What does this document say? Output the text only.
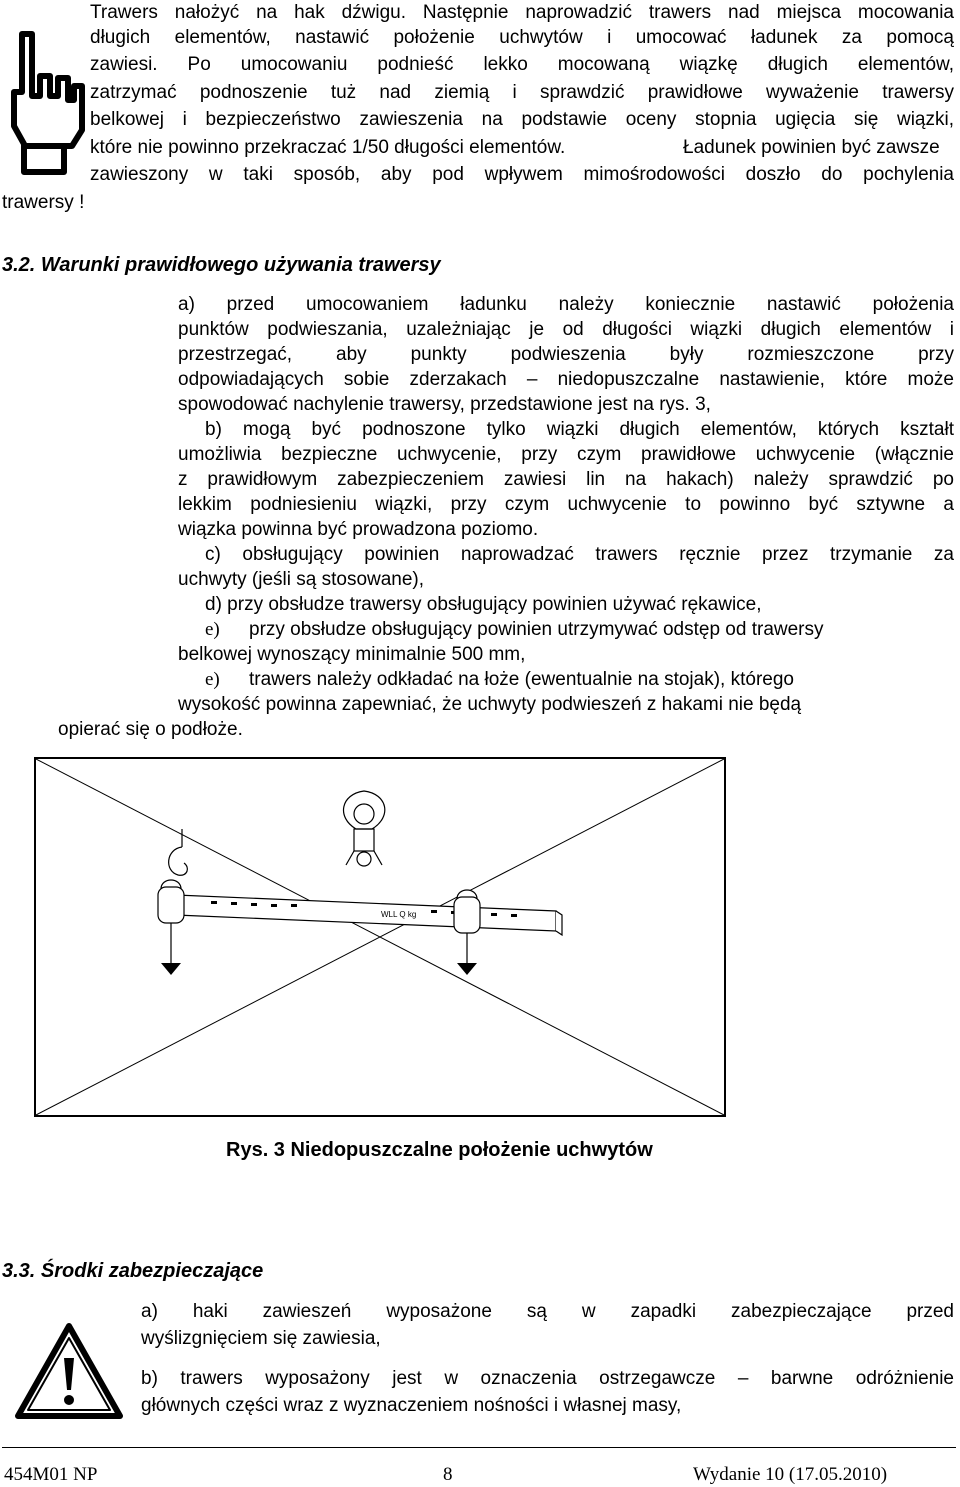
Trawers nałożyć na hak dźwigu. Następnie naprowadzić trawers nad miejsca mocowania
długich elementów, nastawić położenie uchwytów i umocować ładunek za pomocą
zawiesi. Po umocowaniu podnieść lekko mocowaną wiązkę długich elementów,
zatrzymać podnoszenie tuż nad ziemią i sprawdzić prawidłowe wyważenie trawersy
belkowej i bezpieczeństwo zawieszenia na podstawie oceny stopnia ugięcia się wiązki,
które nie powinno przekraczać 1/50 długości elementów.	Ładunek powinien być zawsze
zawieszony w taki sposób, aby pod wpływem mimośrodowości doszło do pochylenia
trawersy !
3.2. Warunki prawidłowego używania trawersy
a) przed umocowaniem ładunku należy koniecznie nastawić położenia
punktów podwieszania, uzależniając je od długości wiązki długich elementów i
przestrzegać, aby punkty podwieszenia były rozmieszczone przy
odpowiadających sobie zderzakach – niedopuszczalne nastawienie, które może
spowodować nachylenie trawersy, przedstawione jest na rys. 3,
b) mogą być podnoszone tylko wiązki długich elementów, których kształt
umożliwia bezpieczne uchwycenie, przy czym prawidłowe uchwycenie (włącznie
z prawidłowym zabezpieczeniem zawiesi lin na hakach) należy sprawdzić po
lekkim podniesieniu wiązki, przy czym uchwycenie to powinno być sztywne a
wiązka powinna być prowadzona poziomo.
c) obsługujący powinien naprowadzać trawers ręcznie przez trzymanie za
uchwyty (jeśli są stosowane),
d) przy obsłudze trawersy obsługujący powinien używać rękawice,
e) przy obsłudze obsługujący powinien utrzymywać odstęp od trawersy
belkowej wynoszący minimalnie 500 mm,
e) trawers należy odkładać na łoże (ewentualnie na stojak), którego
wysokość powinna zapewniać, że uchwyty podwieszeń z hakami nie będą
opierać się o podłoże.
WLL Q kg
Rys. 3 Niedopuszczalne położenie uchwytów
3.3. Środki zabezpieczające
a) haki zawieszeń wyposażone są w zapadki zabezpieczające przed
wyślizgnięciem się zawiesia,
b) trawers wyposażony jest w oznaczenia ostrzegawcze – barwne odróżnienie
głównych części wraz z wyznaczeniem nośności i własnej masy,
454M01 NP	8	Wydanie 10 (17.05.2010)
